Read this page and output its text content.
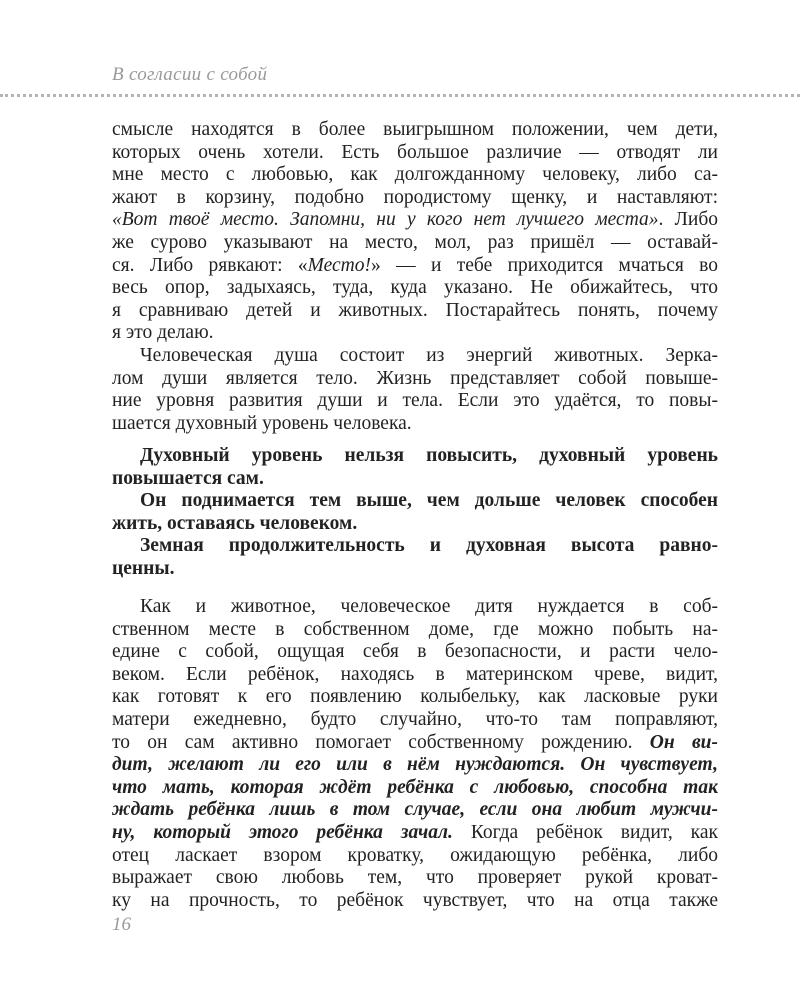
В согласии с собой
смысле находятся в более выигрышном положении, чем дети,
которых очень хотели. Есть большое различие — отводят ли
мне место с любовью, как долгожданному человеку, либо са-
жают в корзину, подобно породистому щенку, и наставляют:
«Вот твоё место. Запомни, ни у кого нет лучшего места». Либо
же сурово указывают на место, мол, раз пришёл — оставай-
ся. Либо рявкают: «Место!» — и тебе приходится мчаться во
весь опор, задыхаясь, туда, куда указано. Не обижайтесь, что
я сравниваю детей и животных. Постарайтесь понять, почему
я это делаю.
Человеческая душа состоит из энергий животных. Зерка-
лом души является тело. Жизнь представляет собой повыше-
ние уровня развития души и тела. Если это удаётся, то повы-
шается духовный уровень человека.
Духовный уровень нельзя повысить, духовный уровень
повышается сам.
Он поднимается тем выше, чем дольше человек способен
жить, оставаясь человеком.
Земная продолжительность и духовная высота равно-
ценны.
Как и животное, человеческое дитя нуждается в соб-
ственном месте в собственном доме, где можно побыть на-
едине с собой, ощущая себя в безопасности, и расти чело-
веком. Если ребёнок, находясь в материнском чреве, видит,
как готовят к его появлению колыбельку, как ласковые руки
матери ежедневно, будто случайно, что-то там поправляют,
то он сам активно помогает собственному рождению. Он ви-
дит, желают ли его или в нём нуждаются. Он чувствует,
что мать, которая ждёт ребёнка с любовью, способна так
ждать ребёнка лишь в том случае, если она любит мужчи-
ну, который этого ребёнка зачал. Когда ребёнок видит, как
отец ласкает взором кроватку, ожидающую ребёнка, либо
выражает свою любовь тем, что проверяет рукой кроват-
ку на прочность, то ребёнок чувствует, что на отца также
16
